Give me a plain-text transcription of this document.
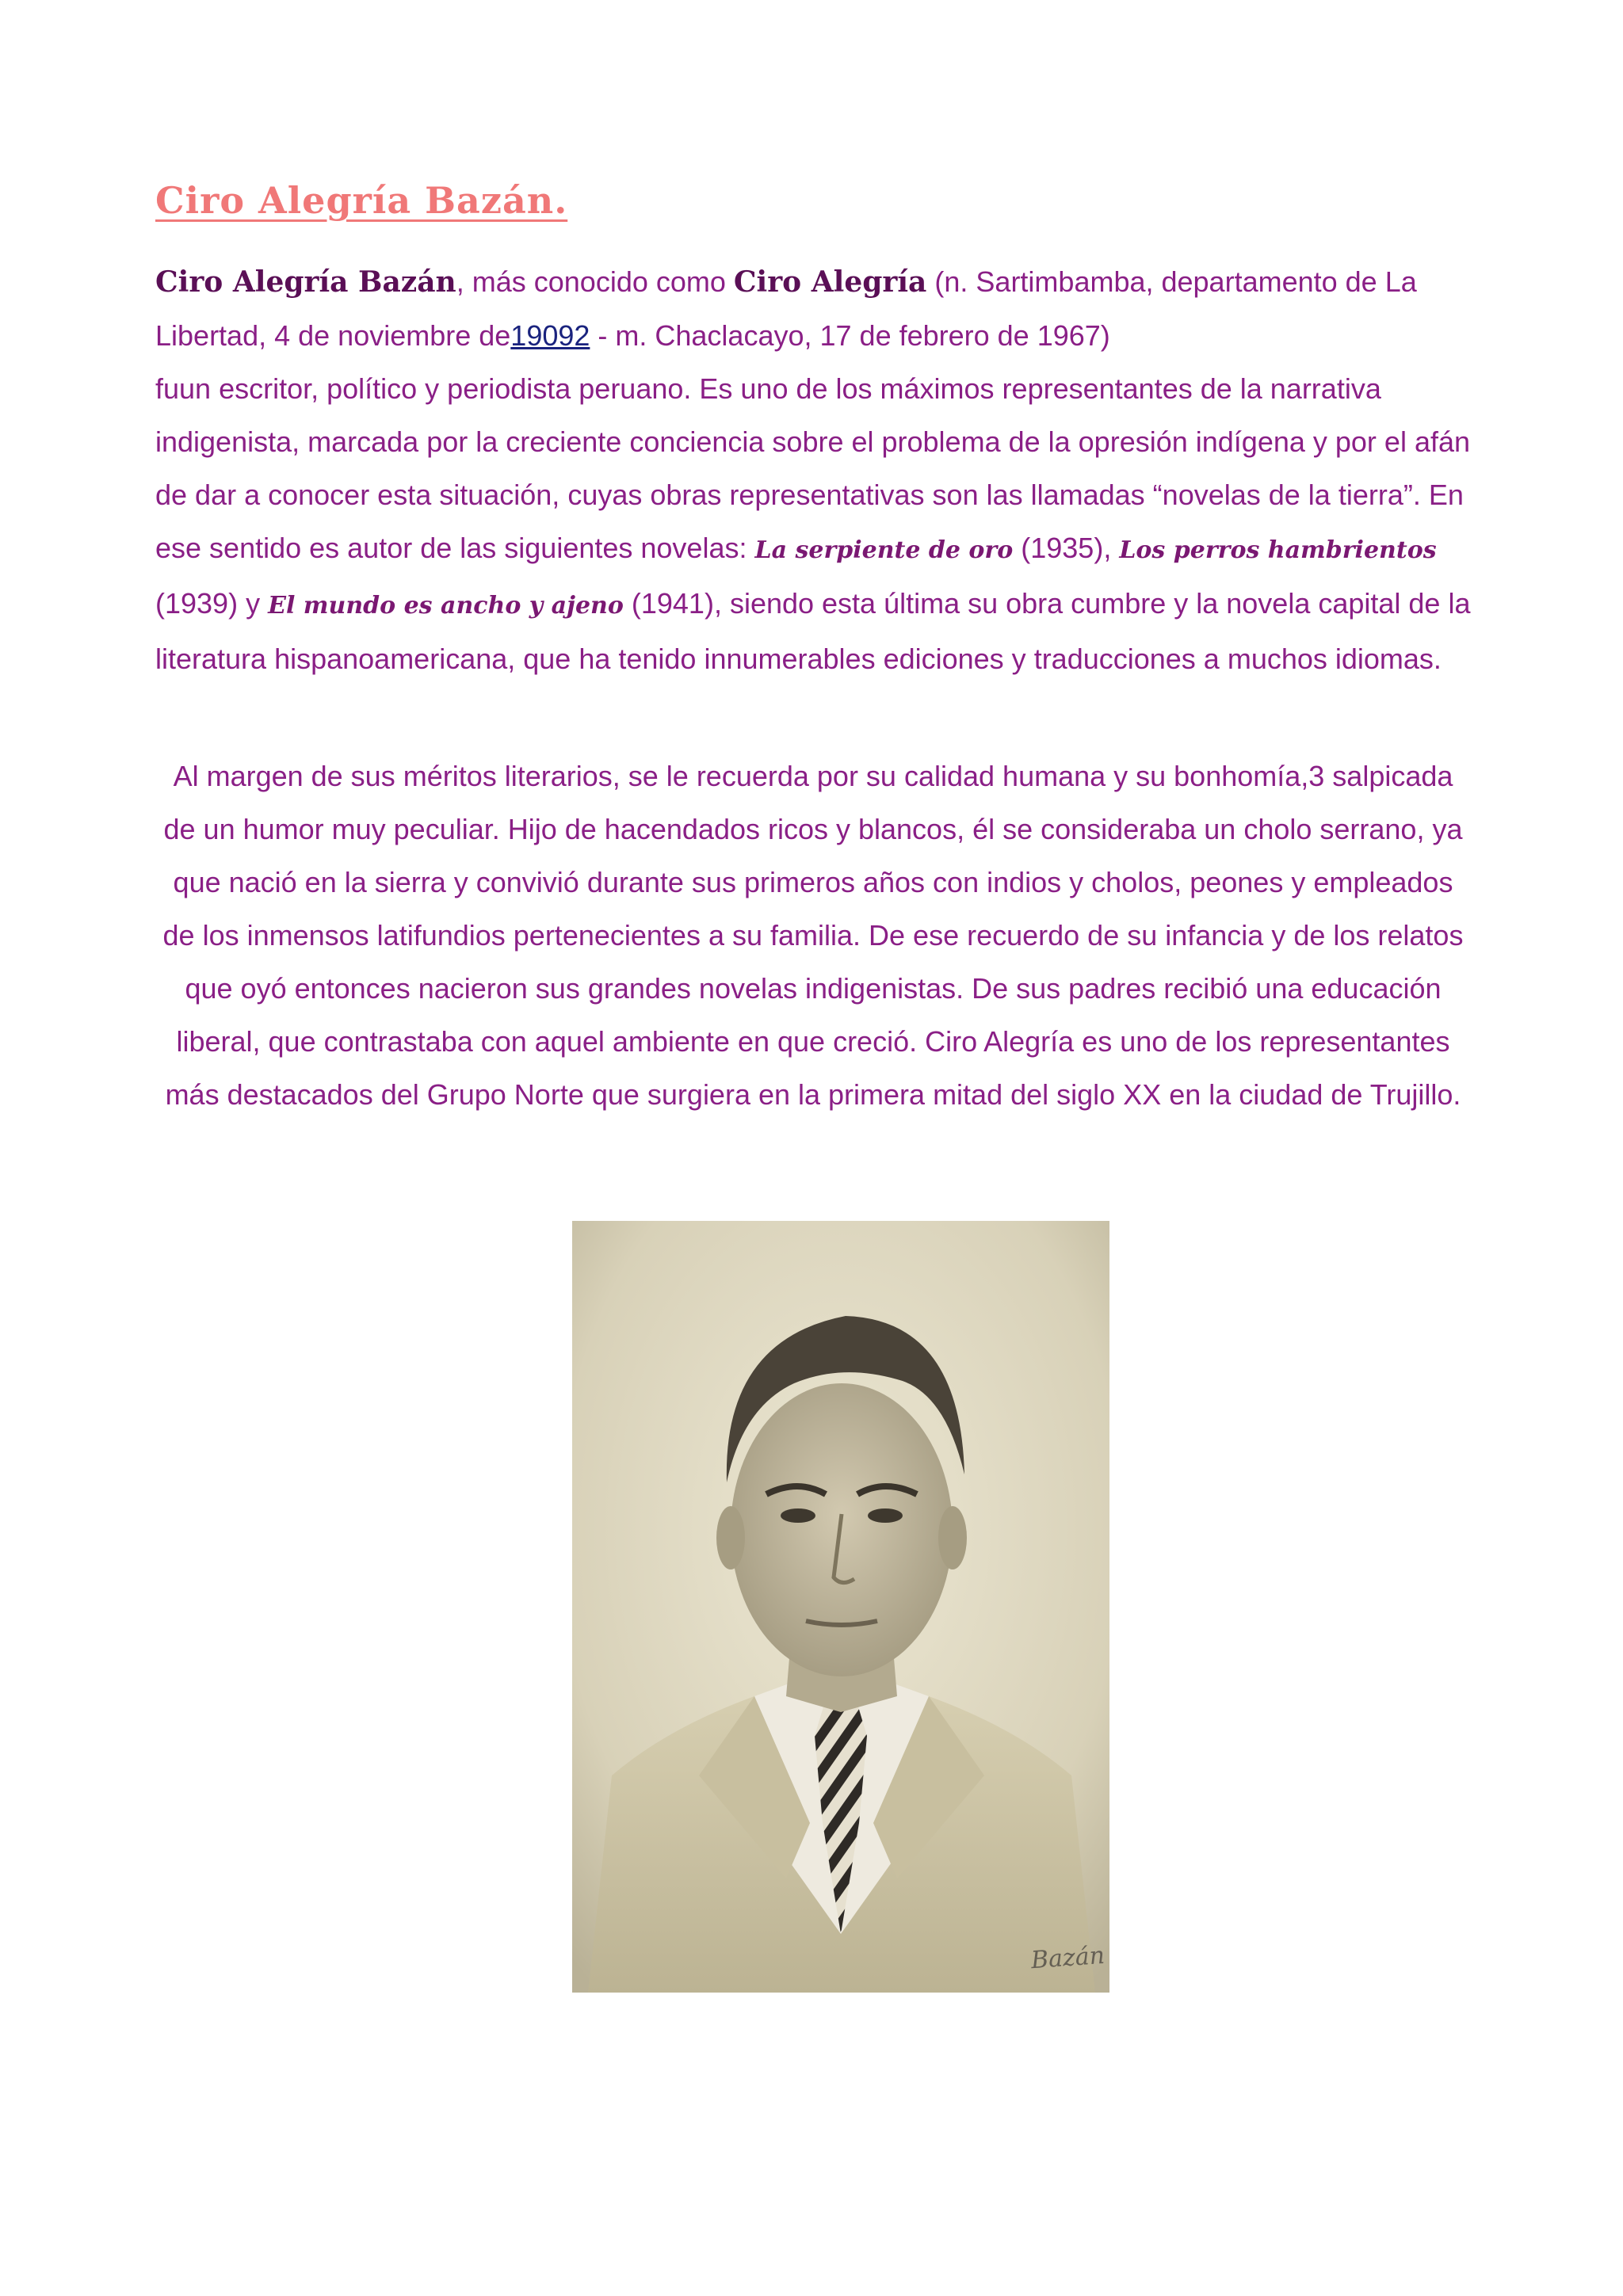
Ciro Alegría Bazán.

Ciro Alegría Bazán, más conocido como Ciro Alegría (n. Sartimbamba, departamento de La Libertad, 4 de noviembre de19092 - m. Chaclacayo, 17 de febrero de 1967)
fuun escritor, político y periodista peruano. Es uno de los máximos representantes de la narrativa indigenista, marcada por la creciente conciencia sobre el problema de la opresión indígena y por el afán de dar a conocer esta situación, cuyas obras representativas son las llamadas “novelas de la tierra”. En ese sentido es autor de las siguientes novelas: La serpiente de oro (1935), Los perros hambrientos (1939) y El mundo es ancho y ajeno (1941), siendo esta última su obra cumbre y la novela capital de la literatura hispanoamericana, que ha tenido innumerables ediciones y traducciones a muchos idiomas.

Al margen de sus méritos literarios, se le recuerda por su calidad humana y su bonhomía,3 salpicada de un humor muy peculiar. Hijo de hacendados ricos y blancos, él se consideraba un cholo serrano, ya que nació en la sierra y convivió durante sus primeros años con indios y cholos, peones y empleados de los inmensos latifundios pertenecientes a su familia. De ese recuerdo de su infancia y de los relatos que oyó entonces nacieron sus grandes novelas indigenistas. De sus padres recibió una educación liberal, que contrastaba con aquel ambiente en que creció. Ciro Alegría es uno de los representantes más destacados del Grupo Norte que surgiera en la primera mitad del siglo XX en la ciudad de Trujillo.

Bazán
